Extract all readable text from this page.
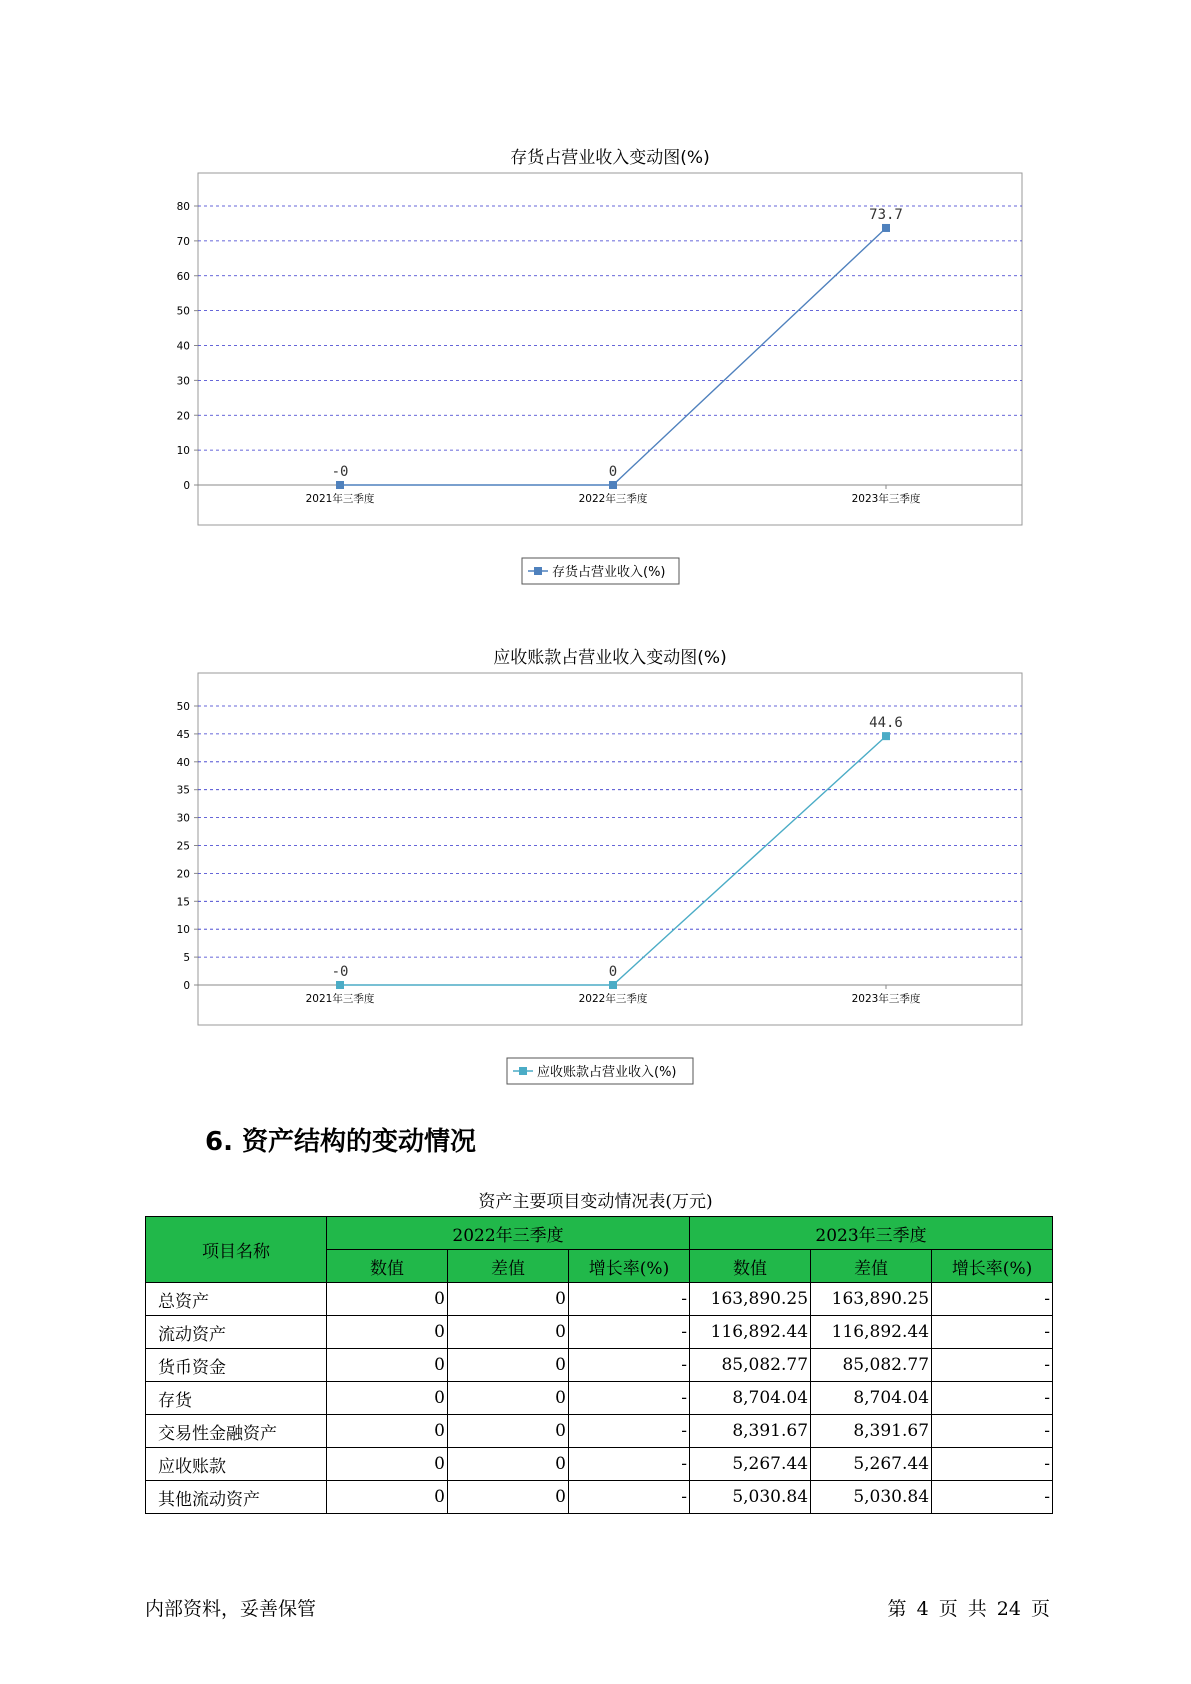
存货占营业收入变动图(%)
0
10
20
30
40
50
60
70
80
2021年三季度	2022年三季度	2023年三季度
-0	0
73.7
存货占营业收入(%)
应收账款占营业收入变动图(%)
0
5
10
15
20
25
30
35
40
45
50
2021年三季度	2022年三季度	2023年三季度
-0	0
44.6
应收账款占营业收入(%)
6. 资产结构的变动情况
资产主要项目变动情况表(万元)
项目名称	2022年三季度			2023年三季度		
	数值	差值	增长率(%)	数值	差值	增长率(%)
总资产	0	0	-	163,890.25	163,890.25	-
流动资产	0	0	-	116,892.44	116,892.44	-
货币资金	0	0	-	85,082.77	85,082.77	-
存货	0	0	-	8,704.04	8,704.04	-
交易性金融资产	0	0	-	8,391.67	8,391.67	-
应收账款	0	0	-	5,267.44	5,267.44	-
其他流动资产	0	0	-	5,030.84	5,030.84	-
内部资料，妥善保管	第 4 页 共 24 页
